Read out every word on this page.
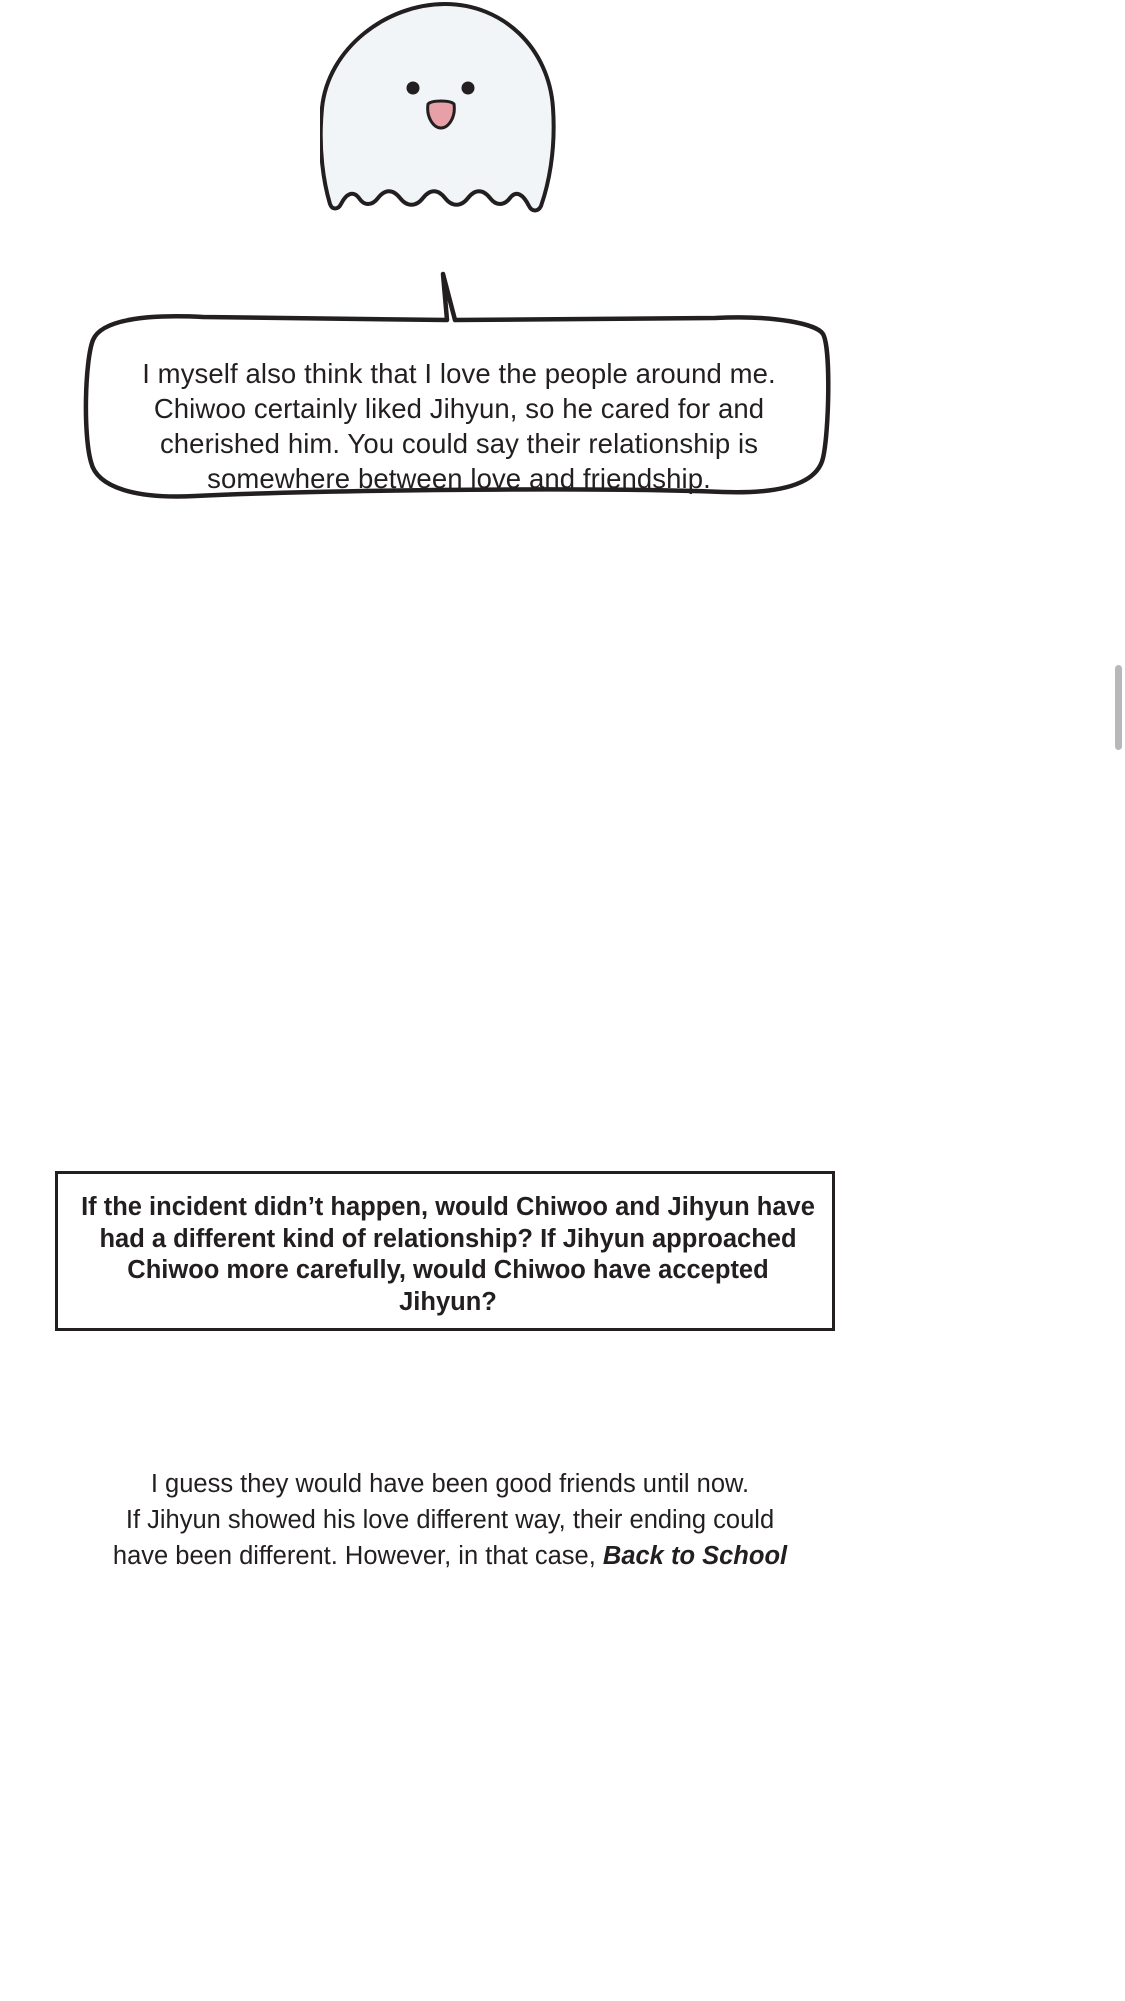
I myself also think that I love the people around me. Chiwoo certainly liked Jihyun, so he cared for and cherished him. You could say their relationship is somewhere between love and friendship.
If the incident didn’t happen, would Chiwoo and Jihyun have had a different kind of relationship? If Jihyun approached Chiwoo more carefully, would Chiwoo have accepted Jihyun?
I guess they would have been good friends until now.
If Jihyun showed his love different way, their ending could
have been different. However, in that case, Back to School
